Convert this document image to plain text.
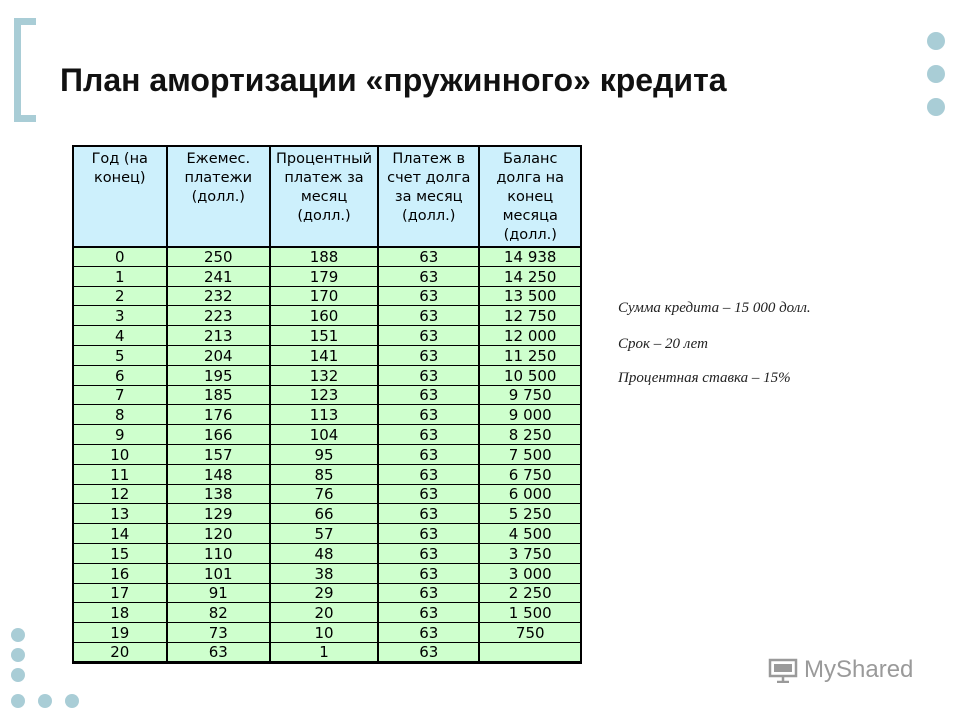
План амортизации «пружинного» кредита
Год (на конец)	Ежемес. платежи (долл.)	Процентный платеж за месяц (долл.)	Платеж в счет долга за месяц (долл.)	Баланс долга на конец месяца (долл.)
0	250	188	63	14 938
1	241	179	63	14 250
2	232	170	63	13 500
3	223	160	63	12 750
4	213	151	63	12 000
5	204	141	63	11 250
6	195	132	63	10 500
7	185	123	63	9 750
8	176	113	63	9 000
9	166	104	63	8 250
10	157	95	63	7 500
11	148	85	63	6 750
12	138	76	63	6 000
13	129	66	63	5 250
14	120	57	63	4 500
15	110	48	63	3 750
16	101	38	63	3 000
17	91	29	63	2 250
18	82	20	63	1 500
19	73	10	63	750
20	63	1	63	
Сумма кредита – 15 000 долл.
Срок – 20 лет
Процентная ставка – 15%
MyShared
